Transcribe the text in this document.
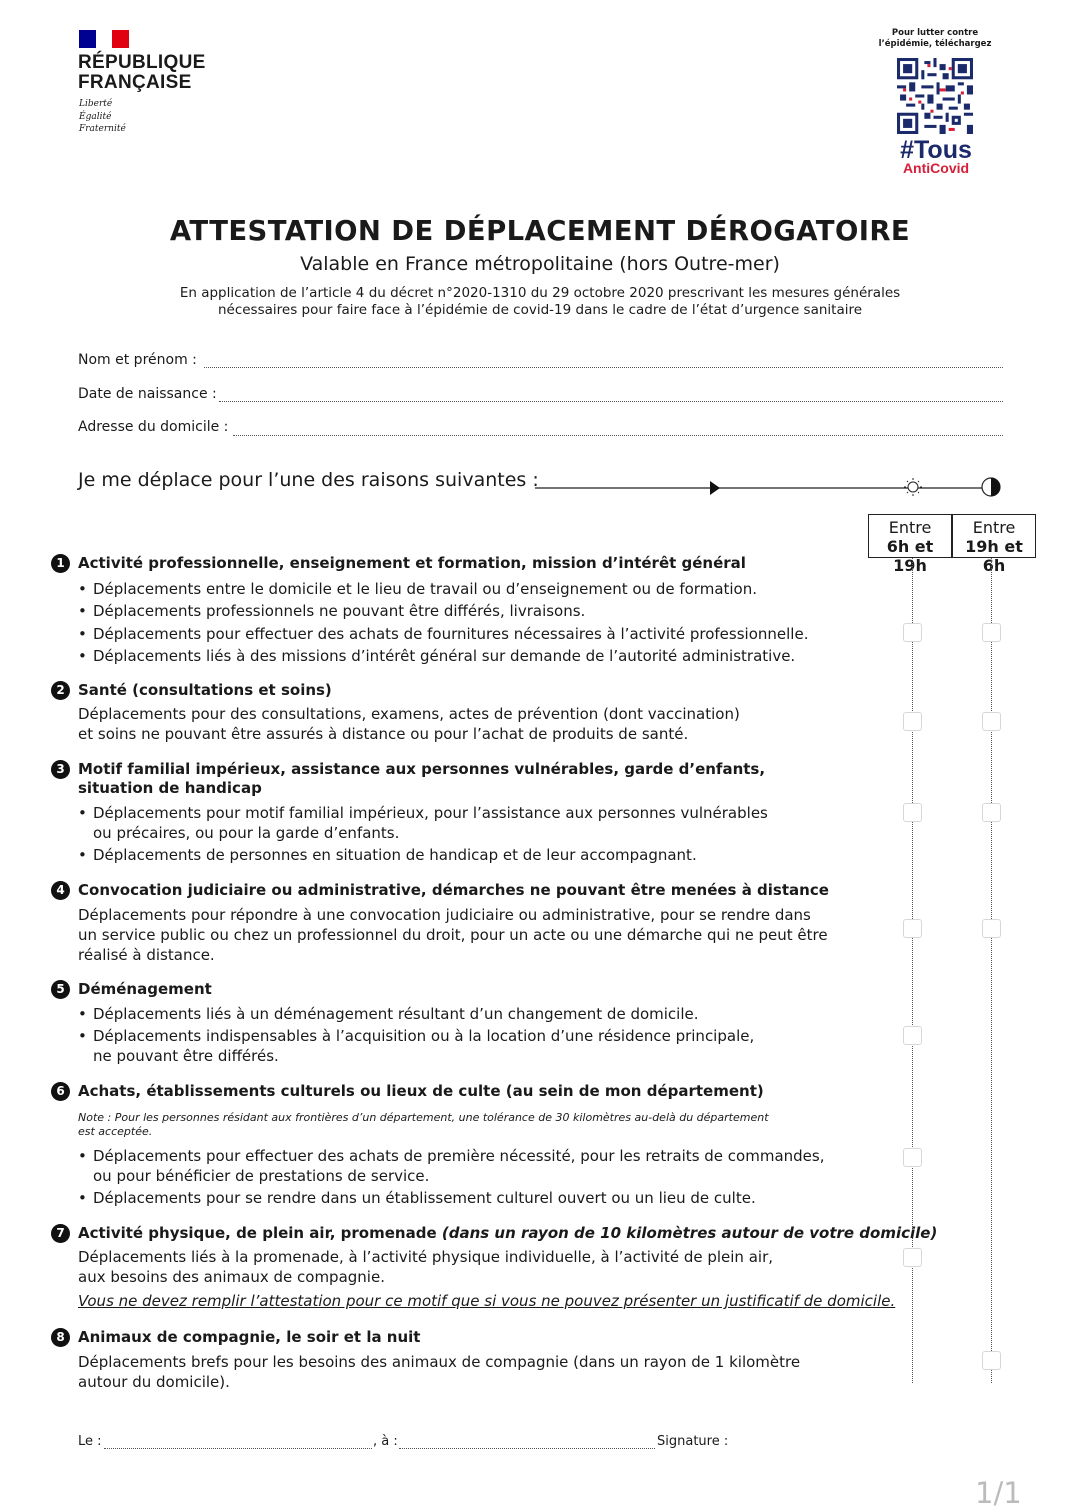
RÉPUBLIQUE
FRANÇAISE
Liberté
Égalité
Fraternité
Pour lutter contre
l’épidémie, téléchargez
#Tous
AntiCovid
ATTESTATION DE DÉPLACEMENT DÉROGATOIRE
Valable en France métropolitaine (hors Outre-mer)
En application de l’article 4 du décret n°2020-1310 du 29 octobre 2020 prescrivant les mesures générales
nécessaires pour faire face à l’épidémie de covid-19 dans le cadre de l’état d’urgence sanitaire
Nom et prénom :
Date de naissance :
Adresse du domicile :
Je me déplace pour l’une des raisons suivantes :
Entre
6h et 19h
Entre
19h et 6h
1 Activité professionnelle, enseignement et formation, mission d’intérêt général
• Déplacements entre le domicile et le lieu de travail ou d’enseignement ou de formation.
• Déplacements professionnels ne pouvant être différés, livraisons.
• Déplacements pour effectuer des achats de fournitures nécessaires à l’activité professionnelle.
• Déplacements liés à des missions d’intérêt général sur demande de l’autorité administrative.
2 Santé (consultations et soins)
Déplacements pour des consultations, examens, actes de prévention (dont vaccination)
et soins ne pouvant être assurés à distance ou pour l’achat de produits de santé.
3 Motif familial impérieux, assistance aux personnes vulnérables, garde d’enfants,
situation de handicap
• Déplacements pour motif familial impérieux, pour l’assistance aux personnes vulnérables
ou précaires, ou pour la garde d’enfants.
• Déplacements de personnes en situation de handicap et de leur accompagnant.
4 Convocation judiciaire ou administrative, démarches ne pouvant être menées à distance
Déplacements pour répondre à une convocation judiciaire ou administrative, pour se rendre dans
un service public ou chez un professionnel du droit, pour un acte ou une démarche qui ne peut être
réalisé à distance.
5 Déménagement
• Déplacements liés à un déménagement résultant d’un changement de domicile.
• Déplacements indispensables à l’acquisition ou à la location d’une résidence principale,
ne pouvant être différés.
6 Achats, établissements culturels ou lieux de culte (au sein de mon département)
Note : Pour les personnes résidant aux frontières d’un département, une tolérance de 30 kilomètres au-delà du département
est acceptée.
• Déplacements pour effectuer des achats de première nécessité, pour les retraits de commandes,
ou pour bénéficier de prestations de service.
• Déplacements pour se rendre dans un établissement culturel ouvert ou un lieu de culte.
7 Activité physique, de plein air, promenade (dans un rayon de 10 kilomètres autour de votre domicile)
Déplacements liés à la promenade, à l’activité physique individuelle, à l’activité de plein air,
aux besoins des animaux de compagnie.
Vous ne devez remplir l’attestation pour ce motif que si vous ne pouvez présenter un justificatif de domicile.
8 Animaux de compagnie, le soir et la nuit
Déplacements brefs pour les besoins des animaux de compagnie (dans un rayon de 1 kilomètre
autour du domicile).
Le :	, à :	Signature :
1/1
